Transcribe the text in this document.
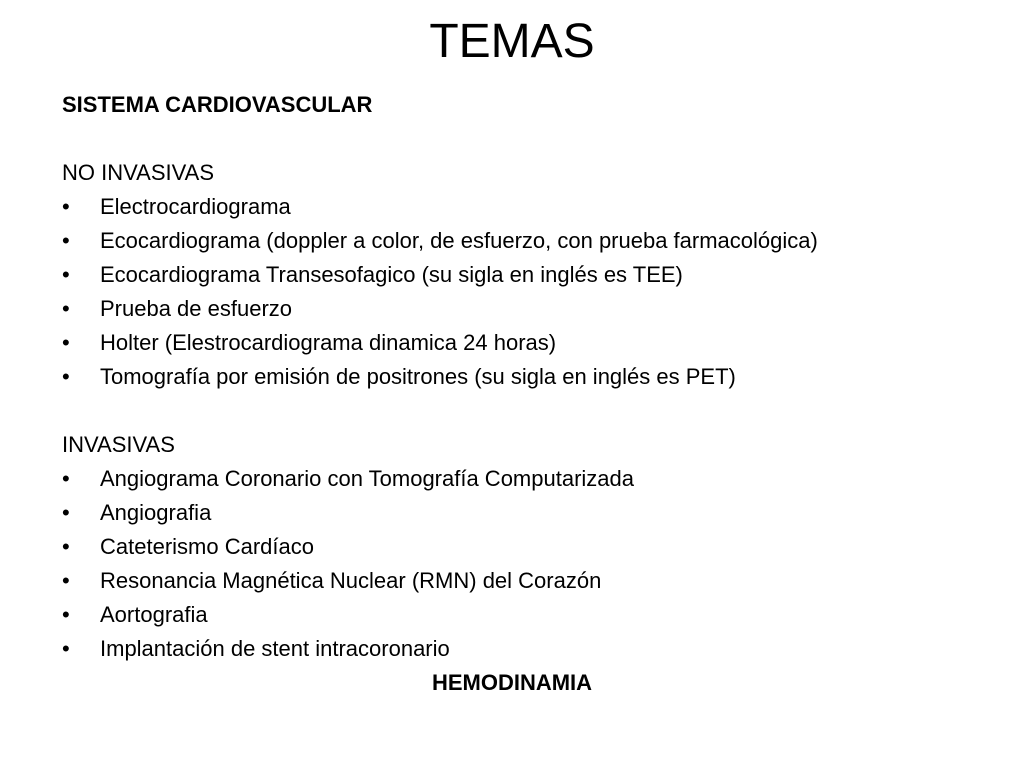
TEMAS
SISTEMA CARDIOVASCULAR
NO INVASIVAS
•	Electrocardiograma
•	Ecocardiograma (doppler a color, de esfuerzo, con prueba farmacológica)
•	Ecocardiograma Transesofagico (su sigla en inglés es TEE)
•	Prueba de esfuerzo
•	Holter (Elestrocardiograma dinamica 24 horas)
•	Tomografía por emisión de positrones (su sigla en inglés es PET)
INVASIVAS
•	Angiograma Coronario con Tomografía Computarizada
•	Angiografia
•	Cateterismo Cardíaco
•	Resonancia Magnética Nuclear (RMN) del Corazón
•	Aortografia
•	Implantación de stent intracoronario
HEMODINAMIA
